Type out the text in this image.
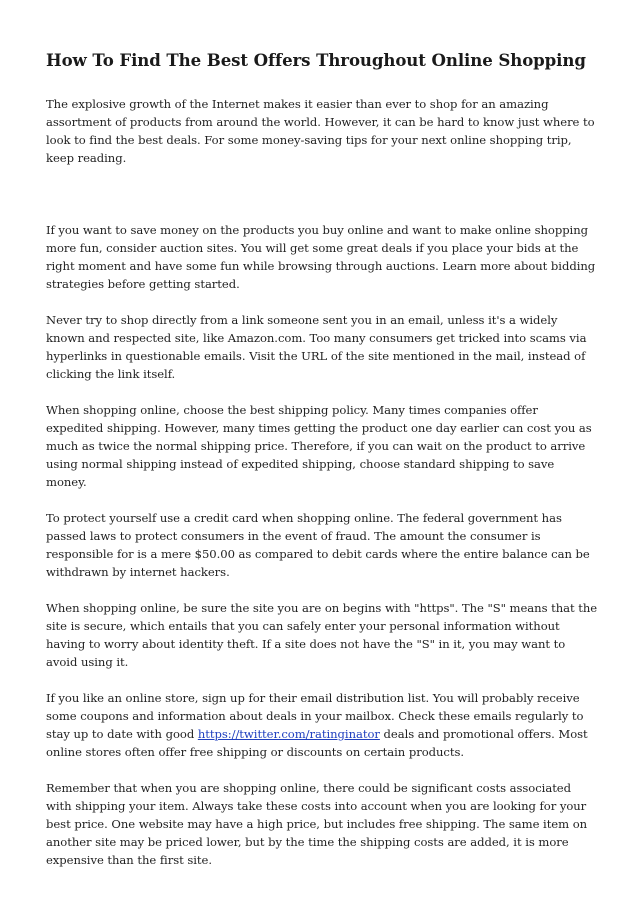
How To Find The Best Offers Throughout Online Shopping

The explosive growth of the Internet makes it easier than ever to shop for an amazing assortment of products from around the world. However, it can be hard to know just where to look to find the best deals. For some money-saving tips for your next online shopping trip, keep reading.

If you want to save money on the products you buy online and want to make online shopping more fun, consider auction sites. You will get some great deals if you place your bids at the right moment and have some fun while browsing through auctions. Learn more about bidding strategies before getting started.

Never try to shop directly from a link someone sent you in an email, unless it's a widely known and respected site, like Amazon.com. Too many consumers get tricked into scams via hyperlinks in questionable emails. Visit the URL of the site mentioned in the mail, instead of clicking the link itself.

When shopping online, choose the best shipping policy. Many times companies offer expedited shipping. However, many times getting the product one day earlier can cost you as much as twice the normal shipping price. Therefore, if you can wait on the product to arrive using normal shipping instead of expedited shipping, choose standard shipping to save money.

To protect yourself use a credit card when shopping online. The federal government has passed laws to protect consumers in the event of fraud. The amount the consumer is responsible for is a mere $50.00 as compared to debit cards where the entire balance can be withdrawn by internet hackers.

When shopping online, be sure the site you are on begins with "https". The "S" means that the site is secure, which entails that you can safely enter your personal information without having to worry about identity theft. If a site does not have the "S" in it, you may want to avoid using it.

If you like an online store, sign up for their email distribution list. You will probably receive some coupons and information about deals in your mailbox. Check these emails regularly to stay up to date with good https://twitter.com/ratinginator deals and promotional offers. Most online stores often offer free shipping or discounts on certain products.

Remember that when you are shopping online, there could be significant costs associated with shipping your item. Always take these costs into account when you are looking for your best price. One website may have a high price, but includes free shipping. The same item on another site may be priced lower, but by the time the shipping costs are added, it is more expensive than the first site.
